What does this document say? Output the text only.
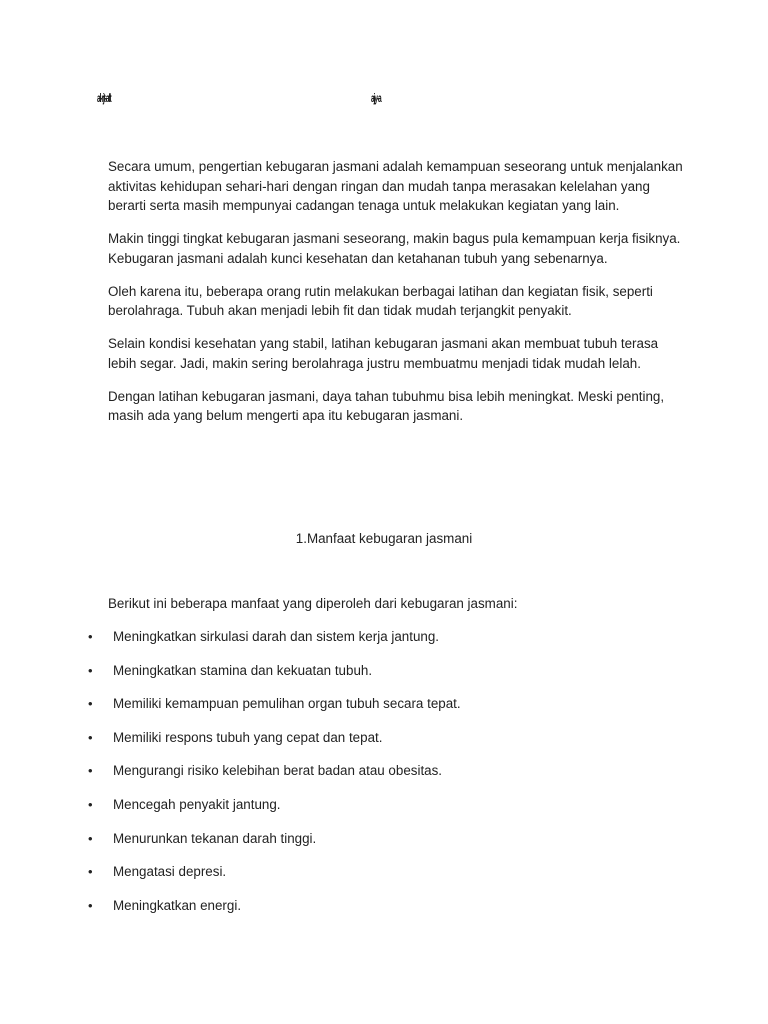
al-rjt-aft	ajy-a

Secara umum, pengertian kebugaran jasmani adalah kemampuan seseorang untuk menjalankan aktivitas kehidupan sehari-hari dengan ringan dan mudah tanpa merasakan kelelahan yang berarti serta masih mempunyai cadangan tenaga untuk melakukan kegiatan yang lain.

Makin tinggi tingkat kebugaran jasmani seseorang, makin bagus pula kemampuan kerja fisiknya. Kebugaran jasmani adalah kunci kesehatan dan ketahanan tubuh yang sebenarnya.

Oleh karena itu, beberapa orang rutin melakukan berbagai latihan dan kegiatan fisik, seperti berolahraga. Tubuh akan menjadi lebih fit dan tidak mudah terjangkit penyakit.

Selain kondisi kesehatan yang stabil, latihan kebugaran jasmani akan membuat tubuh terasa lebih segar. Jadi, makin sering berolahraga justru membuatmu menjadi tidak mudah lelah.

Dengan latihan kebugaran jasmani, daya tahan tubuhmu bisa lebih meningkat. Meski penting, masih ada yang belum mengerti apa itu kebugaran jasmani.

1.Manfaat kebugaran jasmani
Berikut ini beberapa manfaat yang diperoleh dari kebugaran jasmani:
• Meningkatkan sirkulasi darah dan sistem kerja jantung.
• Meningkatkan stamina dan kekuatan tubuh.
• Memiliki kemampuan pemulihan organ tubuh secara tepat.
• Memiliki respons tubuh yang cepat dan tepat.
• Mengurangi risiko kelebihan berat badan atau obesitas.
• Mencegah penyakit jantung.
• Menurunkan tekanan darah tinggi.
• Mengatasi depresi.
• Meningkatkan energi.
